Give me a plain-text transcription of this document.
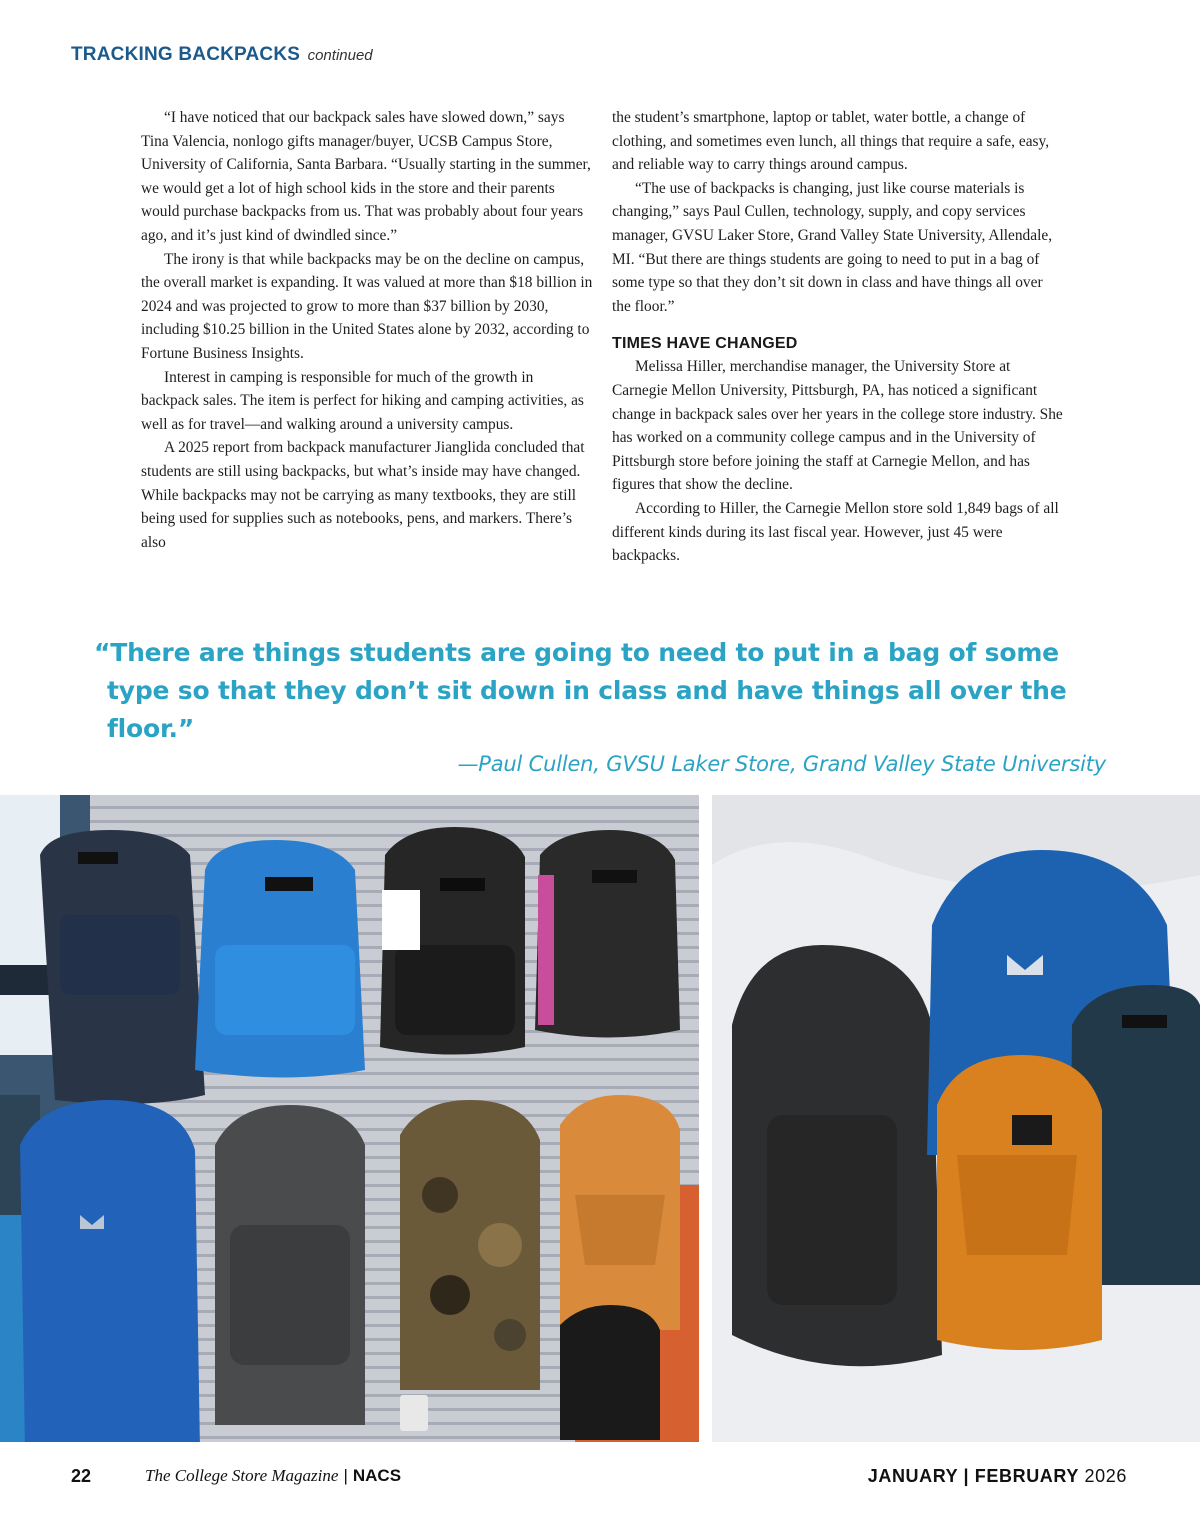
TRACKING BACKPACKS continued

“I have noticed that our backpack sales have slowed down,” says Tina Valencia, nonlogo gifts manager/buyer, UCSB Campus Store, University of California, Santa Barbara. “Usually starting in the summer, we would get a lot of high school kids in the store and their parents would purchase backpacks from us. That was probably about four years ago, and it’s just kind of dwindled since.”

The irony is that while backpacks may be on the decline on campus, the overall market is expanding. It was valued at more than $18 billion in 2024 and was projected to grow to more than $37 billion by 2030, including $10.25 billion in the United States alone by 2032, according to Fortune Business Insights.

Interest in camping is responsible for much of the growth in backpack sales. The item is perfect for hiking and camping activities, as well as for travel—and walking around a university campus.

A 2025 report from backpack manufacturer Jianglida concluded that students are still using backpacks, but what’s inside may have changed. While backpacks may not be carrying as many textbooks, they are still being used for supplies such as notebooks, pens, and markers. There’s also

the student’s smartphone, laptop or tablet, water bottle, a change of clothing, and sometimes even lunch, all things that require a safe, easy, and reliable way to carry things around campus.

“The use of backpacks is changing, just like course materials is changing,” says Paul Cullen, technology, supply, and copy services manager, GVSU Laker Store, Grand Valley State University, Allendale, MI. “But there are things students are going to need to put in a bag of some type so that they don’t sit down in class and have things all over the floor.”

TIMES HAVE CHANGED

Melissa Hiller, merchandise manager, the University Store at Carnegie Mellon University, Pittsburgh, PA, has noticed a significant change in backpack sales over her years in the college store industry. She has worked on a community college campus and in the University of Pittsburgh store before joining the staff at Carnegie Mellon, and has figures that show the decline.

According to Hiller, the Carnegie Mellon store sold 1,849 bags of all different kinds during its last fiscal year. However, just 45 were backpacks.

“There are things students are going to need to put in a bag of some
type so that they don’t sit down in class and have things all over the floor.”
—Paul Cullen, GVSU Laker Store, Grand Valley State University
22	The College Store Magazine | NACS	JANUARY | FEBRUARY 2026
